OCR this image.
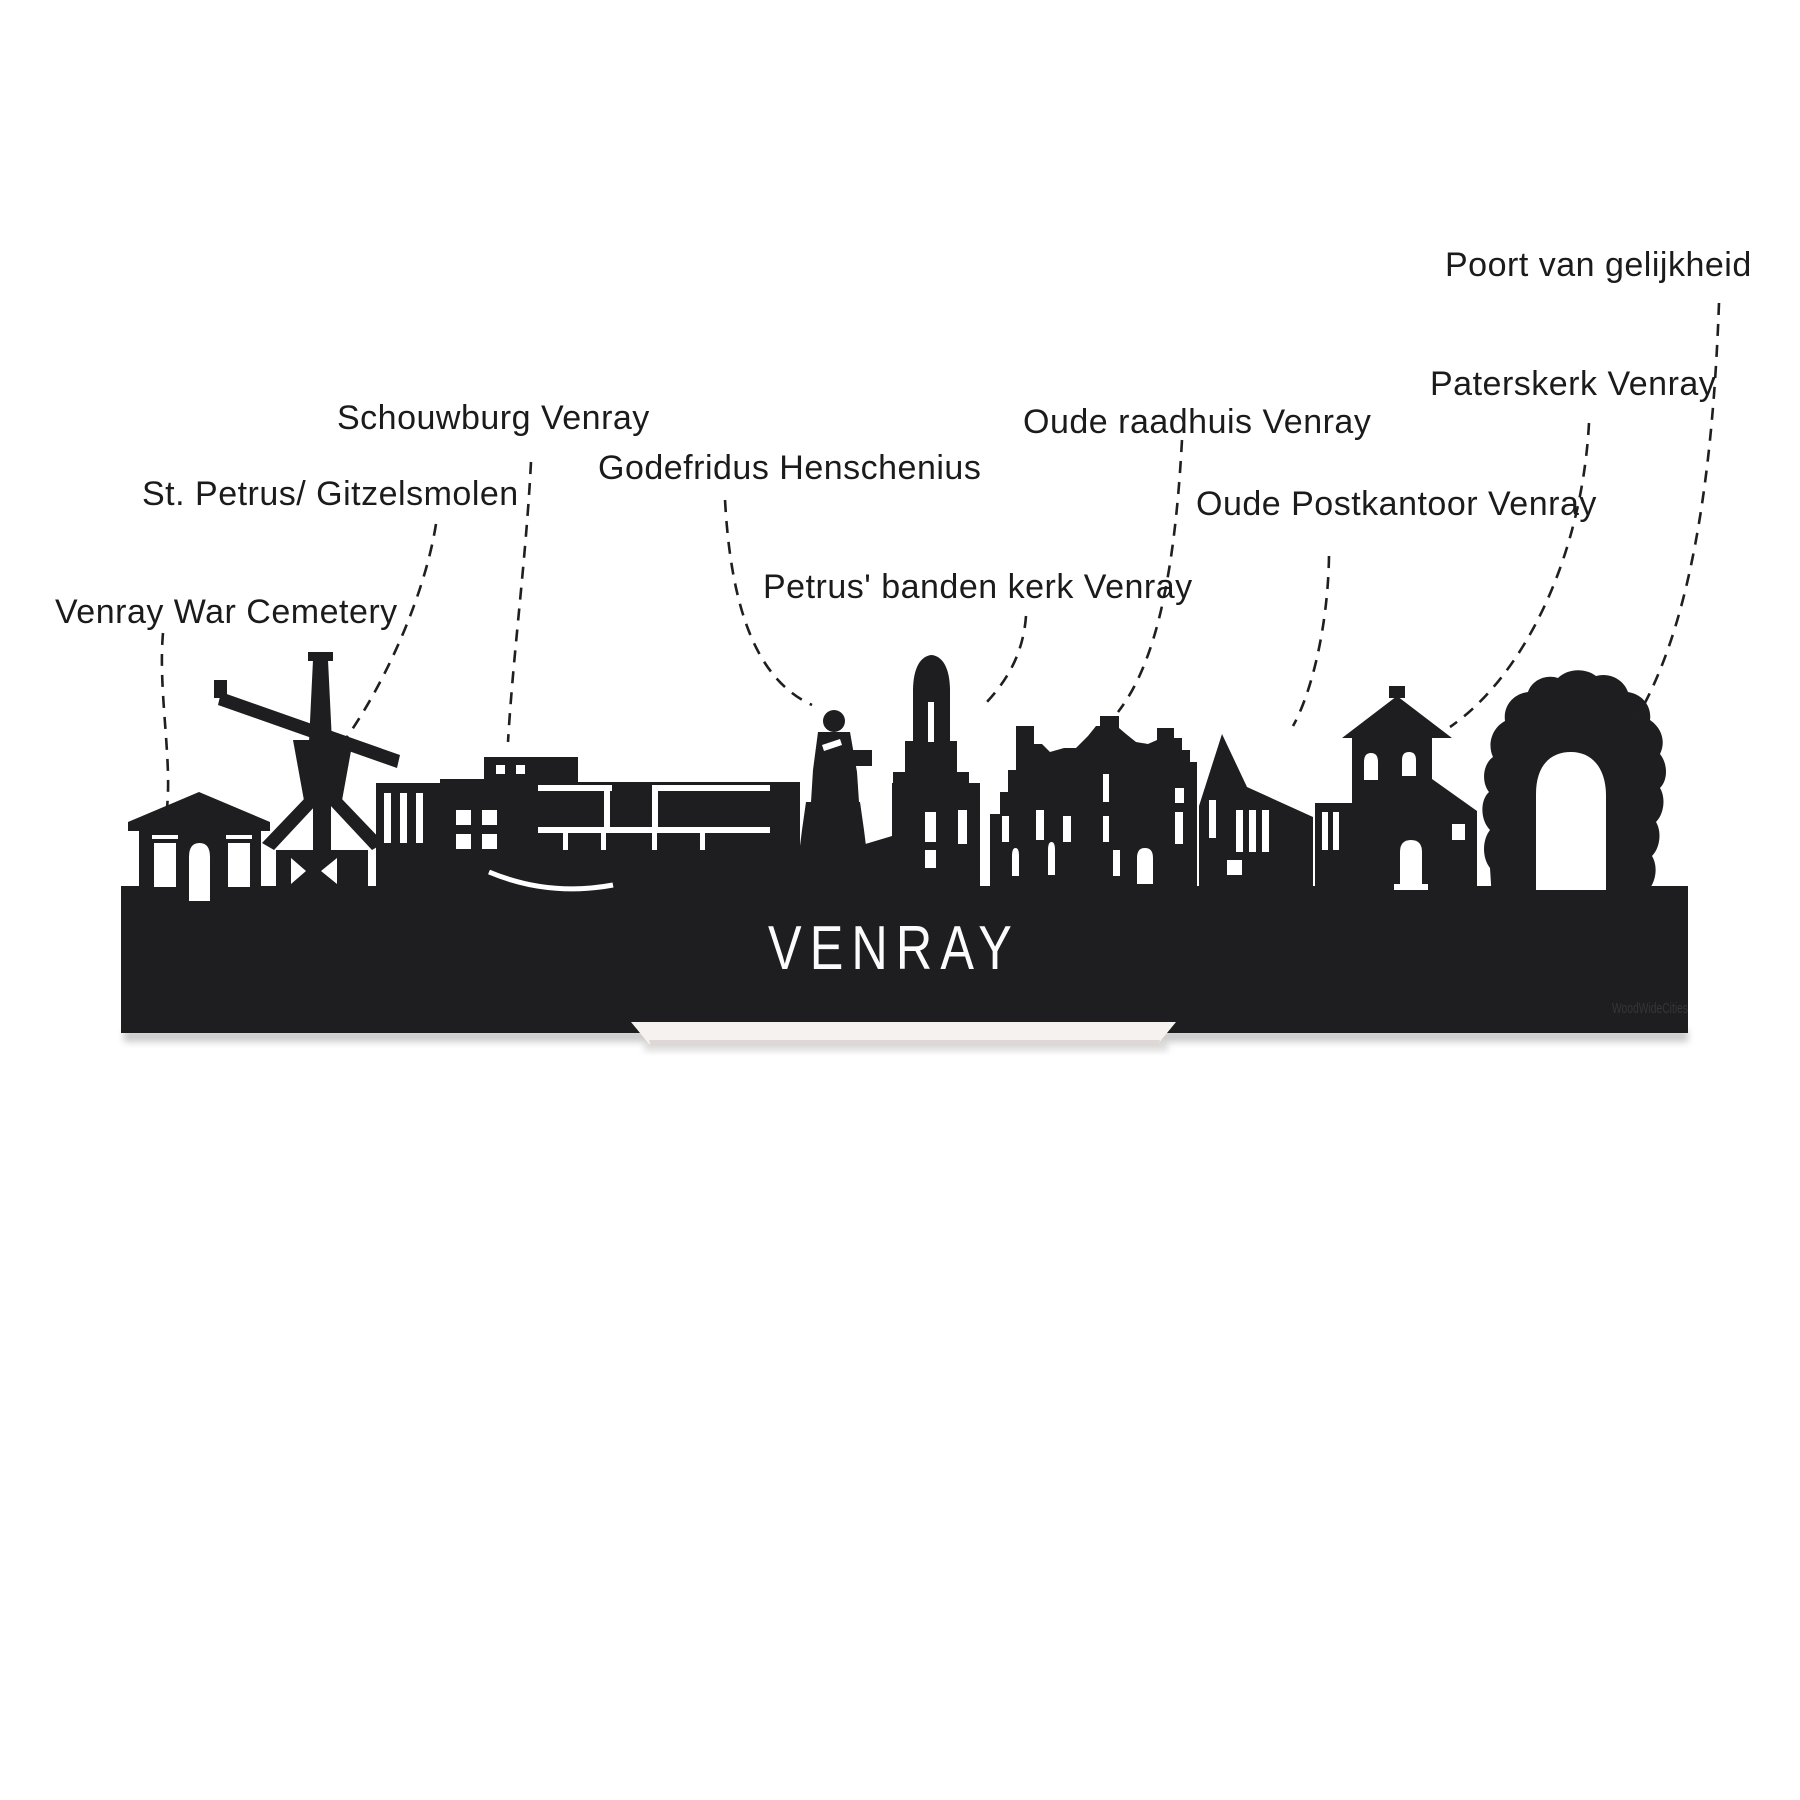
VENRAY
WoodWideCities
Venray War Cemetery
St. Petrus/ Gitzelsmolen
Schouwburg Venray
Godefridus Henschenius
Petrus' banden kerk Venray
Oude raadhuis Venray
Oude Postkantoor Venray
Paterskerk Venray
Poort van gelijkheid
